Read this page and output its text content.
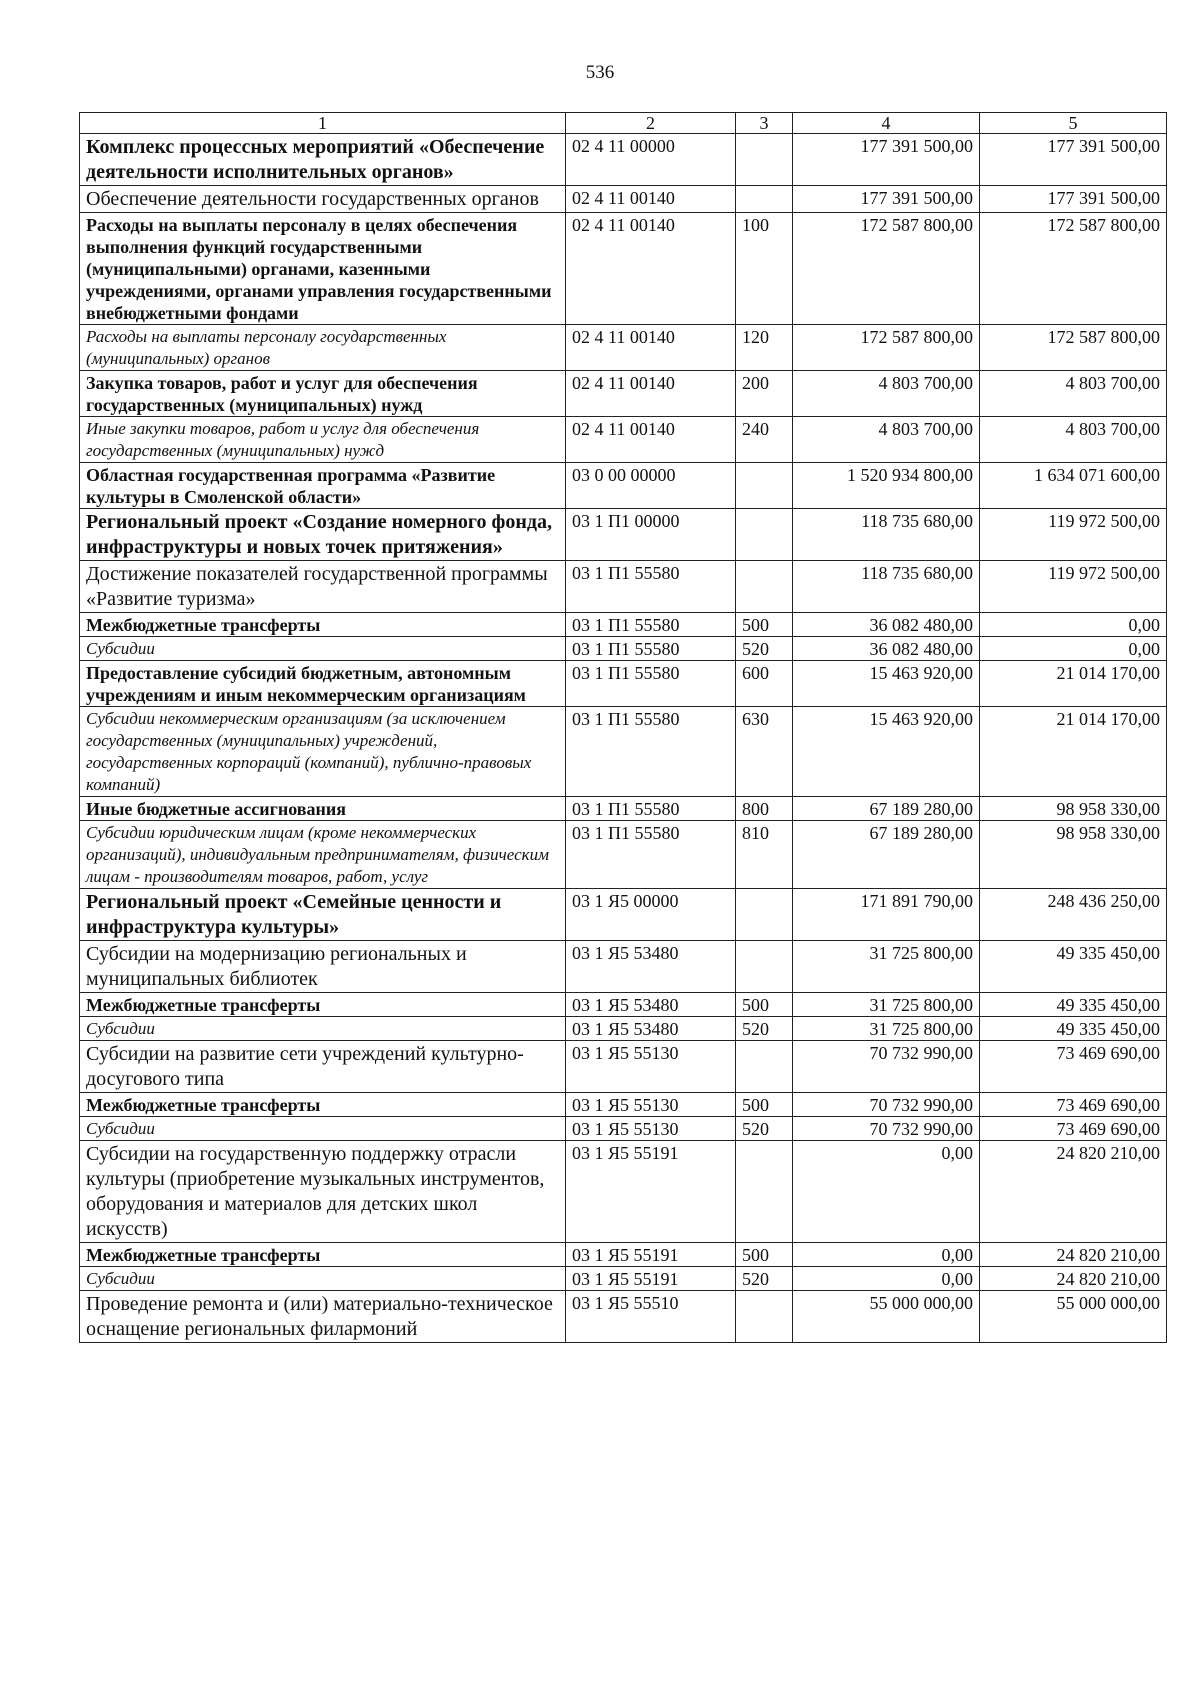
536
1	2	3	4	5
Комплекс процессных мероприятий «Обеспечение деятельности исполнительных органов»	02 4 11 00000		177 391 500,00	177 391 500,00
Обеспечение деятельности государственных органов	02 4 11 00140		177 391 500,00	177 391 500,00
Расходы на выплаты персоналу в целях обеспечения выполнения функций государственными (муниципальными) органами, казенными учреждениями, органами управления государственными внебюджетными фондами	02 4 11 00140	100	172 587 800,00	172 587 800,00
Расходы на выплаты персоналу государственных (муниципальных) органов	02 4 11 00140	120	172 587 800,00	172 587 800,00
Закупка товаров, работ и услуг для обеспечения государственных (муниципальных) нужд	02 4 11 00140	200	4 803 700,00	4 803 700,00
Иные закупки товаров, работ и услуг для обеспечения государственных (муниципальных) нужд	02 4 11 00140	240	4 803 700,00	4 803 700,00
Областная государственная программа «Развитие культуры в Смоленской области»	03 0 00 00000		1 520 934 800,00	1 634 071 600,00
Региональный проект «Создание номерного фонда, инфраструктуры и новых точек притяжения»	03 1 П1 00000		118 735 680,00	119 972 500,00
Достижение показателей государственной программы «Развитие туризма»	03 1 П1 55580		118 735 680,00	119 972 500,00
Межбюджетные трансферты	03 1 П1 55580	500	36 082 480,00	0,00
Субсидии	03 1 П1 55580	520	36 082 480,00	0,00
Предоставление субсидий бюджетным, автономным учреждениям и иным некоммерческим организациям	03 1 П1 55580	600	15 463 920,00	21 014 170,00
Субсидии некоммерческим организациям (за исключением государственных (муниципальных) учреждений, государственных корпораций (компаний), публично-правовых компаний)	03 1 П1 55580	630	15 463 920,00	21 014 170,00
Иные бюджетные ассигнования	03 1 П1 55580	800	67 189 280,00	98 958 330,00
Субсидии юридическим лицам (кроме некоммерческих организаций), индивидуальным предпринимателям, физическим лицам - производителям товаров, работ, услуг	03 1 П1 55580	810	67 189 280,00	98 958 330,00
Региональный проект «Семейные ценности и инфраструктура культуры»	03 1 Я5 00000		171 891 790,00	248 436 250,00
Субсидии на модернизацию региональных и муниципальных библиотек	03 1 Я5 53480		31 725 800,00	49 335 450,00
Межбюджетные трансферты	03 1 Я5 53480	500	31 725 800,00	49 335 450,00
Субсидии	03 1 Я5 53480	520	31 725 800,00	49 335 450,00
Субсидии на развитие сети учреждений культурно-досугового типа	03 1 Я5 55130		70 732 990,00	73 469 690,00
Межбюджетные трансферты	03 1 Я5 55130	500	70 732 990,00	73 469 690,00
Субсидии	03 1 Я5 55130	520	70 732 990,00	73 469 690,00
Субсидии на государственную поддержку отрасли культуры (приобретение музыкальных инструментов, оборудования и материалов для детских школ искусств)	03 1 Я5 55191		0,00	24 820 210,00
Межбюджетные трансферты	03 1 Я5 55191	500	0,00	24 820 210,00
Субсидии	03 1 Я5 55191	520	0,00	24 820 210,00
Проведение ремонта и (или) материально-техническое оснащение региональных филармоний	03 1 Я5 55510		55 000 000,00	55 000 000,00
